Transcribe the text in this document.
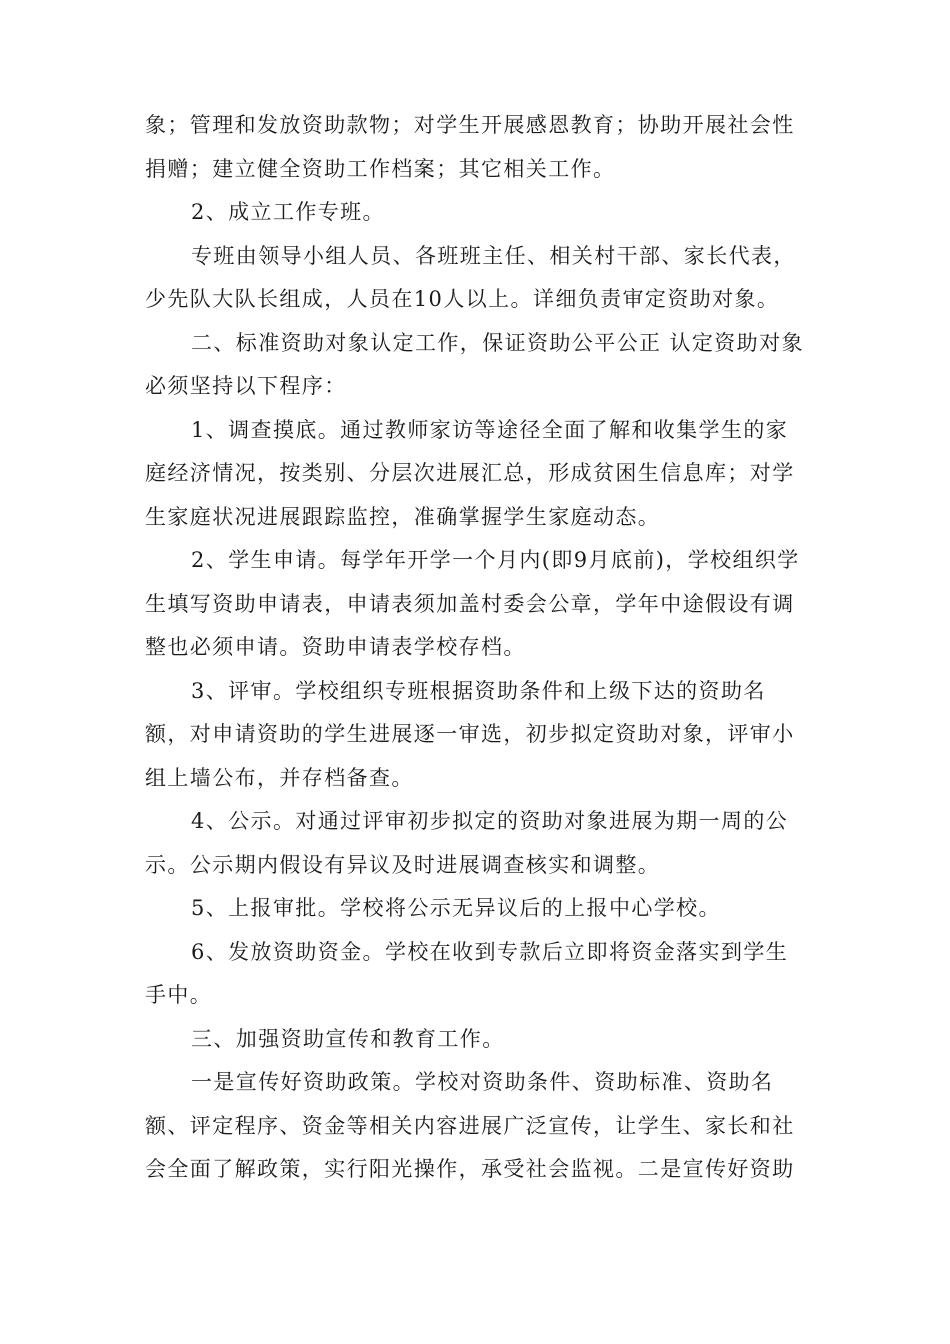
象；管理和发放资助款物；对学生开展感恩教育；协助开展社会性捐赠；建立健全资助工作档案；其它相关工作。

2、成立工作专班。

专班由领导小组人员、各班班主任、相关村干部、家长代表，少先队大队长组成，人员在10人以上。详细负责审定资助对象。

二、标准资助对象认定工作，保证资助公平公正 认定资助对象必须坚持以下程序：

1、调查摸底。通过教师家访等途径全面了解和收集学生的家庭经济情况，按类别、分层次进展汇总，形成贫困生信息库；对学生家庭状况进展跟踪监控，准确掌握学生家庭动态。

2、学生申请。每学年开学一个月内(即9月底前)，学校组织学生填写资助申请表，申请表须加盖村委会公章，学年中途假设有调整也必须申请。资助申请表学校存档。

3、评审。学校组织专班根据资助条件和上级下达的资助名额，对申请资助的学生进展逐一审选，初步拟定资助对象，评审小组上墙公布，并存档备查。

4、公示。对通过评审初步拟定的资助对象进展为期一周的公示。公示期内假设有异议及时进展调查核实和调整。

5、上报审批。学校将公示无异议后的上报中心学校。

6、发放资助资金。学校在收到专款后立即将资金落实到学生手中。

三、加强资助宣传和教育工作。

一是宣传好资助政策。学校对资助条件、资助标准、资助名额、评定程序、资金等相关内容进展广泛宣传，让学生、家长和社会全面了解政策，实行阳光操作，承受社会监视。二是宣传好资助
